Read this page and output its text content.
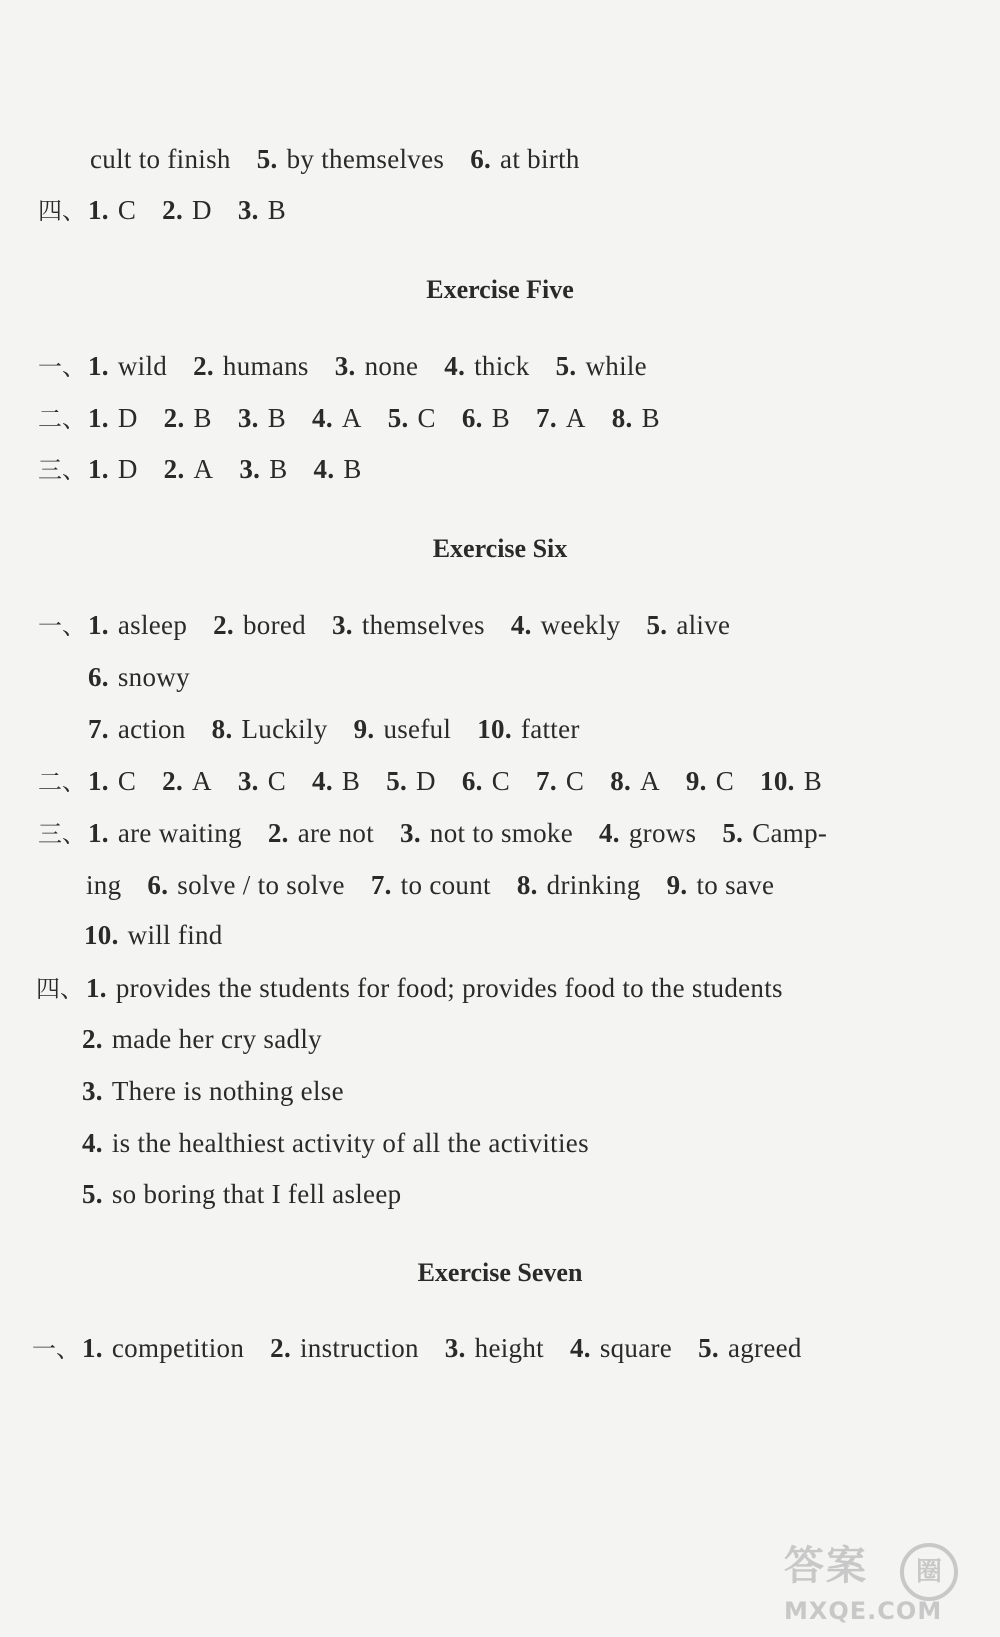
cult to finish 5. by themselves 6. at birth
四、1. C 2. D 3. B
Exercise Five
一、1. wild 2. humans 3. none 4. thick 5. while
二、1. D 2. B 3. B 4. A 5. C 6. B 7. A 8. B
三、1. D 2. A 3. B 4. B
Exercise Six
一、1. asleep 2. bored 3. themselves 4. weekly 5. alive
6. snowy
7. action 8. Luckily 9. useful 10. fatter
二、1. C 2. A 3. C 4. B 5. D 6. C 7. C 8. A 9. C 10. B
三、1. are waiting 2. are not 3. not to smoke 4. grows 5. Camp-
ing 6. solve / to solve 7. to count 8. drinking 9. to save
10. will find
四、1. provides the students for food; provides food to the students
2. made her cry sadly
3. There is nothing else
4. is the healthiest activity of all the activities
5. so boring that I fell asleep
Exercise Seven
一、1. competition 2. instruction 3. height 4. square 5. agreed
答案	圈
MXQE.COM
